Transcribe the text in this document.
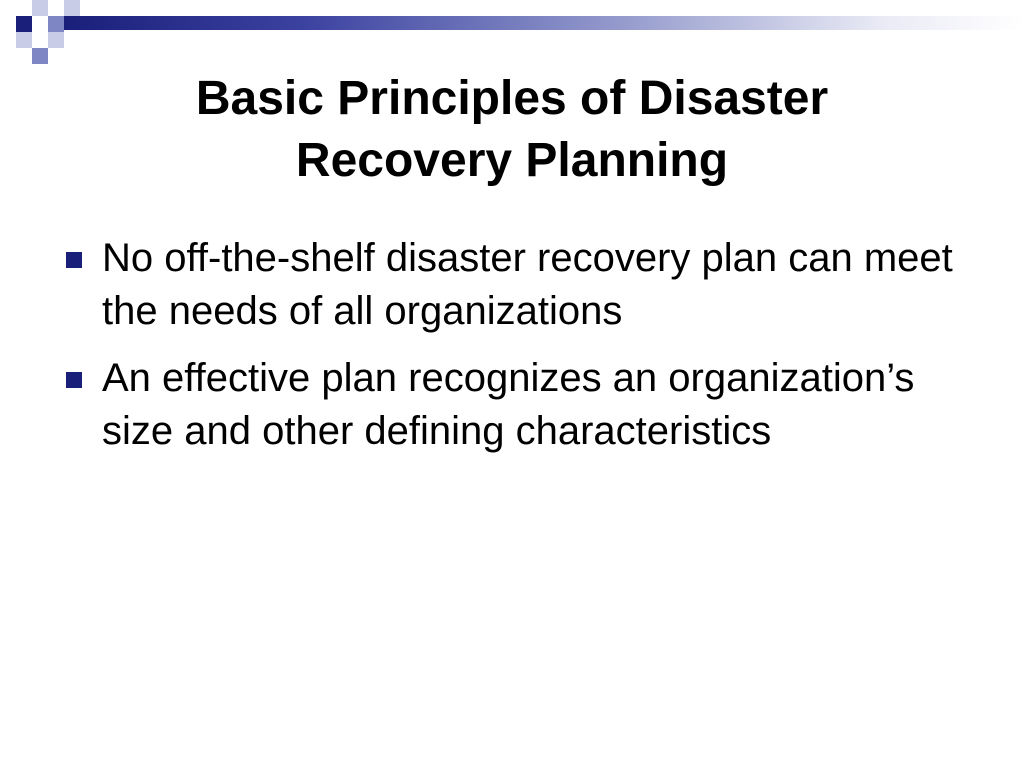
Basic Principles of Disaster
Recovery Planning
No off-the-shelf disaster recovery plan can meet the needs of all organizations
An effective plan recognizes an organization’s size and other defining characteristics
